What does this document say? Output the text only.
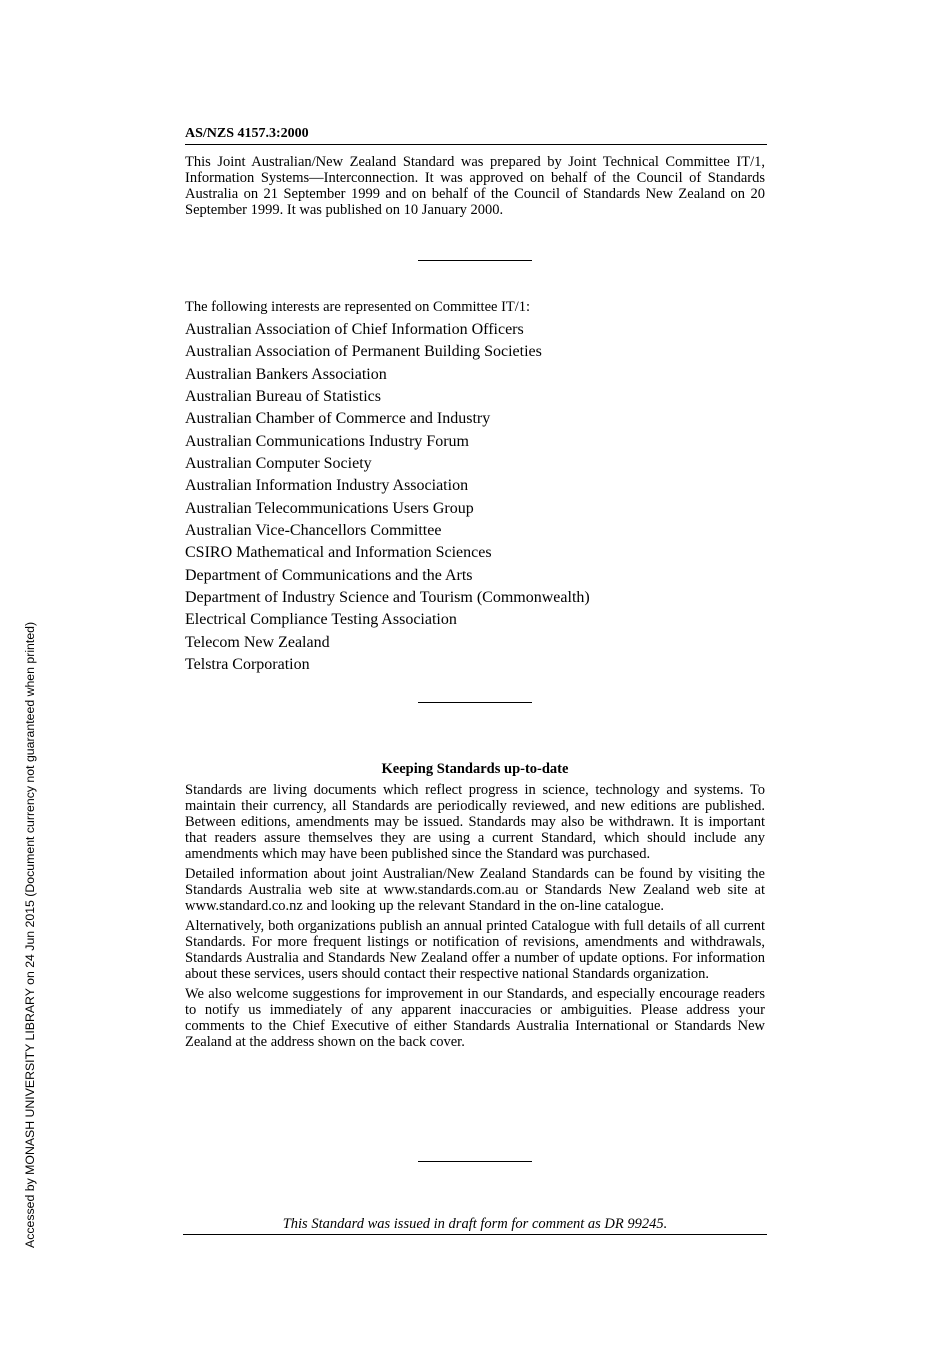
AS/NZS 4157.3:2000

This Joint Australian/New Zealand Standard was prepared by Joint Technical Committee IT/1, Information Systems—Interconnection. It was approved on behalf of the Council of Standards Australia on 21 September 1999 and on behalf of the Council of Standards New Zealand on 20 September 1999. It was published on 10 January 2000.

The following interests are represented on Committee IT/1:

Australian Association of Chief Information Officers
Australian Association of Permanent Building Societies
Australian Bankers Association
Australian Bureau of Statistics
Australian Chamber of Commerce and Industry
Australian Communications Industry Forum
Australian Computer Society
Australian Information Industry Association
Australian Telecommunications Users Group
Australian Vice-Chancellors Committee
CSIRO Mathematical and Information Sciences
Department of Communications and the Arts
Department of Industry Science and Tourism (Commonwealth)
Electrical Compliance Testing Association
Telecom New Zealand
Telstra Corporation
Keeping Standards up-to-date

Standards are living documents which reflect progress in science, technology and systems. To maintain their currency, all Standards are periodically reviewed, and new editions are published. Between editions, amendments may be issued. Standards may also be withdrawn. It is important that readers assure themselves they are using a current Standard, which should include any amendments which may have been published since the Standard was purchased.

Detailed information about joint Australian/New Zealand Standards can be found by visiting the Standards Australia web site at www.standards.com.au or Standards New Zealand web site at www.standard.co.nz and looking up the relevant Standard in the on-line catalogue.

Alternatively, both organizations publish an annual printed Catalogue with full details of all current Standards. For more frequent listings or notification of revisions, amendments and withdrawals, Standards Australia and Standards New Zealand offer a number of update options. For information about these services, users should contact their respective national Standards organization.

We also welcome suggestions for improvement in our Standards, and especially encourage readers to notify us immediately of any apparent inaccuracies or ambiguities. Please address your comments to the Chief Executive of either Standards Australia International or Standards New Zealand at the address shown on the back cover.

This Standard was issued in draft form for comment as DR 99245.
Accessed by MONASH UNIVERSITY LIBRARY on 24 Jun 2015 (Document currency not guaranteed when printed)
